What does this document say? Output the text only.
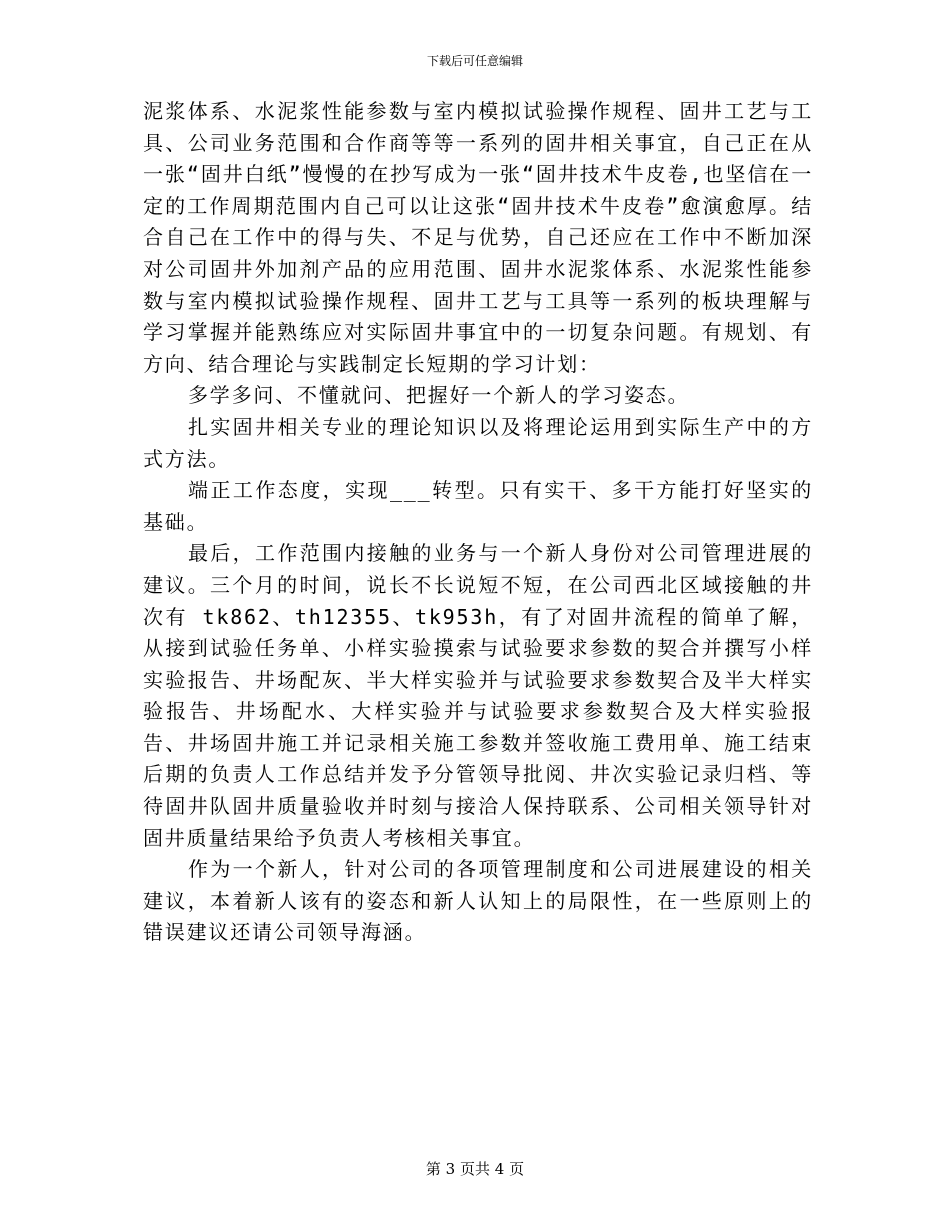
下载后可任意编辑

泥浆体系、水泥浆性能参数与室内模拟试验操作规程、固井工艺与工具、公司业务范围和合作商等等一系列的固井相关事宜，自己正在从一张“固井白纸”慢慢的在抄写成为一张“固井技术牛皮卷,也坚信在一定的工作周期范围内自己可以让这张“固井技术牛皮卷”愈演愈厚。结合自己在工作中的得与失、不足与优势，自己还应在工作中不断加深对公司固井外加剂产品的应用范围、固井水泥浆体系、水泥浆性能参数与室内模拟试验操作规程、固井工艺与工具等一系列的板块理解与学习掌握并能熟练应对实际固井事宜中的一切复杂问题。有规划、有方向、结合理论与实践制定长短期的学习计划：

多学多问、不懂就问、把握好一个新人的学习姿态。

扎实固井相关专业的理论知识以及将理论运用到实际生产中的方式方法。

端正工作态度，实现___转型。只有实干、多干方能打好坚实的基础。

最后，工作范围内接触的业务与一个新人身份对公司管理进展的建议。三个月的时间，说长不长说短不短，在公司西北区域接触的井次有 tk862、th12355、tk953h，有了对固井流程的简单了解，从接到试验任务单、小样实验摸索与试验要求参数的契合并撰写小样实验报告、井场配灰、半大样实验并与试验要求参数契合及半大样实验报告、井场配水、大样实验并与试验要求参数契合及大样实验报告、井场固井施工并记录相关施工参数并签收施工费用单、施工结束后期的负责人工作总结并发予分管领导批阅、井次实验记录归档、等待固井队固井质量验收并时刻与接洽人保持联系、公司相关领导针对固井质量结果给予负责人考核相关事宜。

作为一个新人，针对公司的各项管理制度和公司进展建设的相关建议，本着新人该有的姿态和新人认知上的局限性，在一些原则上的错误建议还请公司领导海涵。

第 3 页共 4 页
